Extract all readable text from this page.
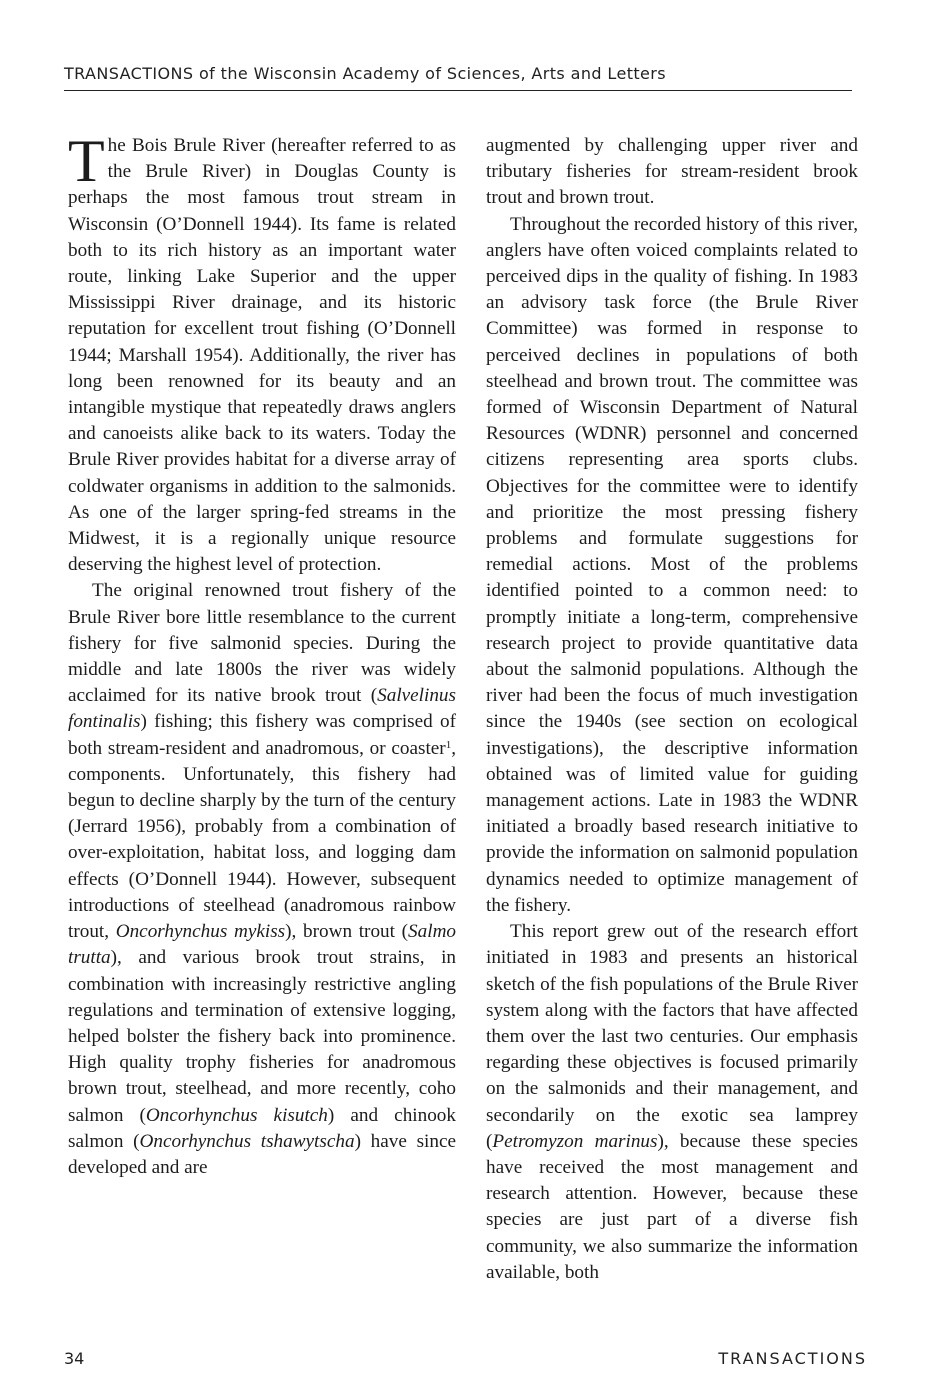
TRANSACTIONS of the Wisconsin Academy of Sciences, Arts and Letters

The Bois Brule River (hereafter referred to as the Brule River) in Douglas County is perhaps the most famous trout stream in Wisconsin (O’Donnell 1944). Its fame is related both to its rich history as an important water route, linking Lake Superior and the upper Mississippi River drainage, and its historic reputation for excellent trout fishing (O’Donnell 1944; Marshall 1954). Additionally, the river has long been renowned for its beauty and an intangible mystique that repeatedly draws anglers and canoeists alike back to its waters. Today the Brule River provides habitat for a diverse array of coldwater organisms in addition to the salmonids. As one of the larger spring-fed streams in the Midwest, it is a regionally unique resource deserving the highest level of protection.

The original renowned trout fishery of the Brule River bore little resemblance to the current fishery for five salmonid species. During the middle and late 1800s the river was widely acclaimed for its native brook trout (Salvelinus fontinalis) fishing; this fishery was comprised of both stream-resident and anadromous, or coaster$^1$, components. Unfortunately, this fishery had begun to decline sharply by the turn of the century (Jerrard 1956), probably from a combination of over-exploitation, habitat loss, and logging dam effects (O’Donnell 1944). However, subsequent introductions of steelhead (anadromous rainbow trout, Oncorhynchus mykiss), brown trout (Salmo trutta), and various brook trout strains, in combination with increasingly restrictive angling regulations and termination of extensive logging, helped bolster the fishery back into prominence. High quality trophy fisheries for anadromous brown trout, steelhead, and more recently, coho salmon (Oncorhynchus kisutch) and chinook salmon (Oncorhynchus tshawytscha) have since developed and are

augmented by challenging upper river and tributary fisheries for stream-resident brook trout and brown trout.

Throughout the recorded history of this river, anglers have often voiced complaints related to perceived dips in the quality of fishing. In 1983 an advisory task force (the Brule River Committee) was formed in response to perceived declines in populations of both steelhead and brown trout. The committee was formed of Wisconsin Department of Natural Resources (WDNR) personnel and concerned citizens representing area sports clubs. Objectives for the committee were to identify and prioritize the most pressing fishery problems and formulate suggestions for remedial actions. Most of the problems identified pointed to a common need: to promptly initiate a long-term, comprehensive research project to provide quantitative data about the salmonid populations. Although the river had been the focus of much investigation since the 1940s (see section on ecological investigations), the descriptive information obtained was of limited value for guiding management actions. Late in 1983 the WDNR initiated a broadly based research initiative to provide the information on salmonid population dynamics needed to optimize management of the fishery.

This report grew out of the research effort initiated in 1983 and presents an historical sketch of the fish populations of the Brule River system along with the factors that have affected them over the last two centuries. Our emphasis regarding these objectives is focused primarily on the salmonids and their management, and secondarily on the exotic sea lamprey (Petromyzon marinus), because these species have received the most management and research attention. However, because these species are just part of a diverse fish community, we also summarize the information available, both

34	TRANSACTIONS
